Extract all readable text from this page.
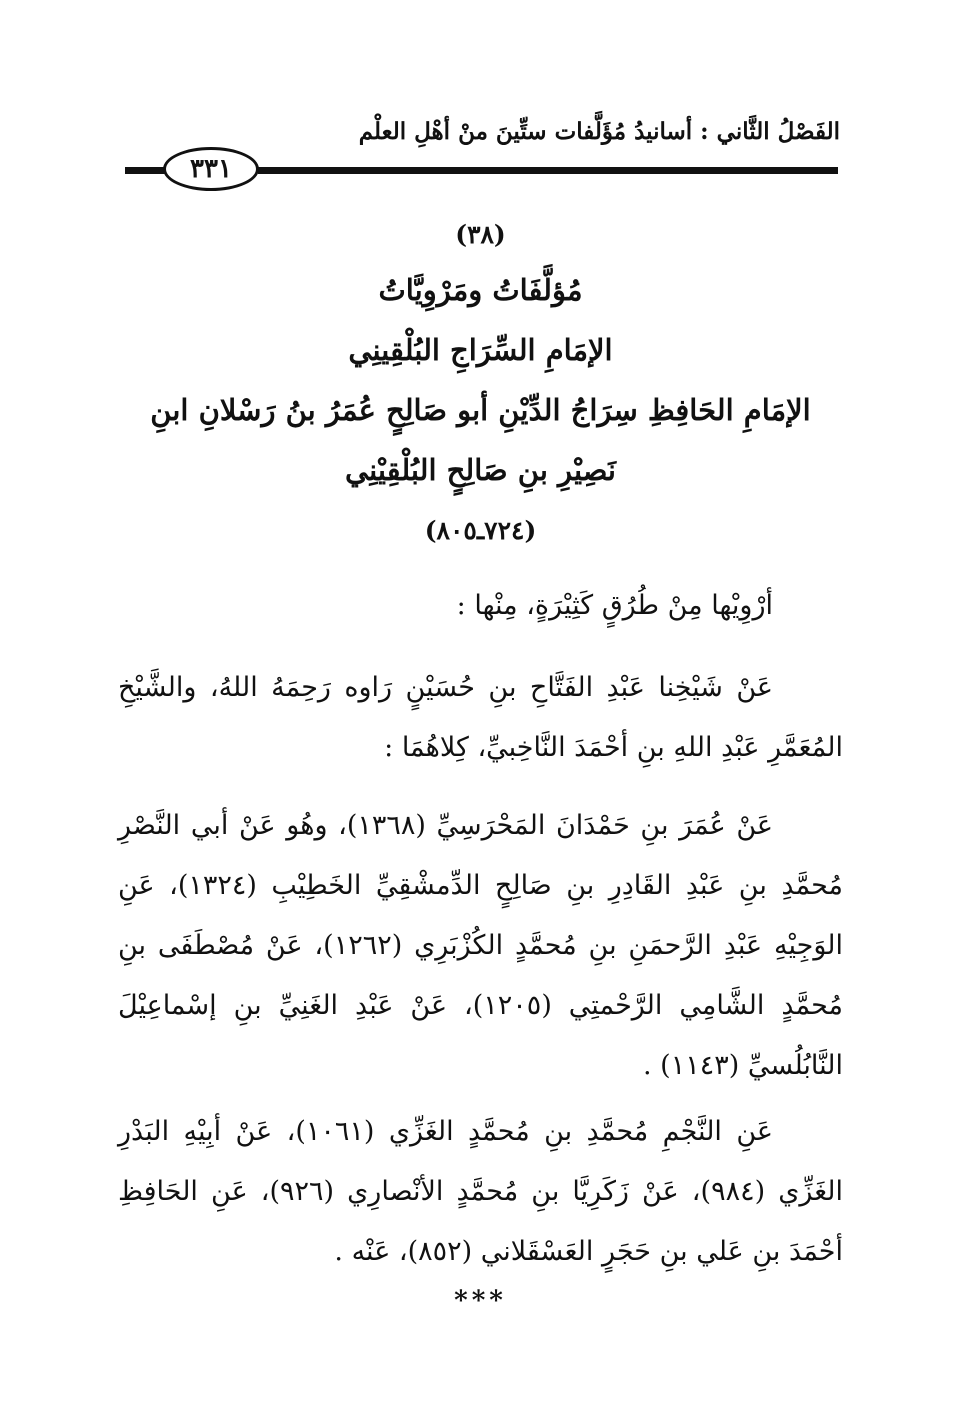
الفَصْلُ الثَّاني : أسانيدُ مُؤَلَّفات ستِّينَ منْ أهْلِ العلْم
٣٣١

(٣٨)

مُؤلَّفَاتُ ومَرْوِيَّاتُ

الإمَامِ السِّرَاجِ البُلْقِينِي

الإمَامِ الحَافِظِ سِرَاجُ الدِّيْنِ أبو صَالِحٍ عُمَرُ بنُ رَسْلانِ ابنِ نَصِيْرِ بنِ صَالِحٍ البُلْقِيْنِي

(٧٢٤ـ٨٠٥)

أرْوِيْها مِنْ طُرُقٍ كَثِيْرَةٍ، مِنْها :

عَنْ شَيْخِنا عَبْدِ الفَتَّاحِ بنِ حُسَيْنٍ رَاوه رَحِمَهُ اللهُ، والشَّيْخِ المُعَمَّرِ عَبْدِ اللهِ بنِ أحْمَدَ النَّاخِبيِّ، كِلاهُمَا :

عَنْ عُمَرَ بنِ حَمْدَانَ المَحْرَسِيِّ (١٣٦٨)، وهُو عَنْ أبي النَّصْرِ مُحمَّدِ بنِ عَبْدِ القَادِرِ بنِ صَالِحٍ الدِّمشْقِيِّ الخَطِيْبِ (١٣٢٤)، عَنِ الوَجِيْهِ عَبْدِ الرَّحمَنِ بنِ مُحمَّدٍ الكُزْبَرِي (١٢٦٢)، عَنْ مُصْطَفَى بنِ مُحمَّدٍ الشَّامِي الرَّحْمتِي (١٢٠٥)، عَنْ عَبْدِ الغَنِيِّ بنِ إسْماعِيْلَ النَّابُلُسيِّ (١١٤٣) .

عَنِ النَّجْمِ مُحمَّدِ بنِ مُحمَّدٍ الغَزِّي (١٠٦١)، عَنْ أبِيْهِ البَدْرِ الغَزِّي (٩٨٤)، عَنْ زَكَرِيَّا بنِ مُحمَّدٍ الأنْصارِي (٩٢٦)، عَنِ الحَافِظِ أحْمَدَ بنِ عَلي بنِ حَجَرٍ العَسْقَلاني (٨٥٢)، عَنْه .

***
